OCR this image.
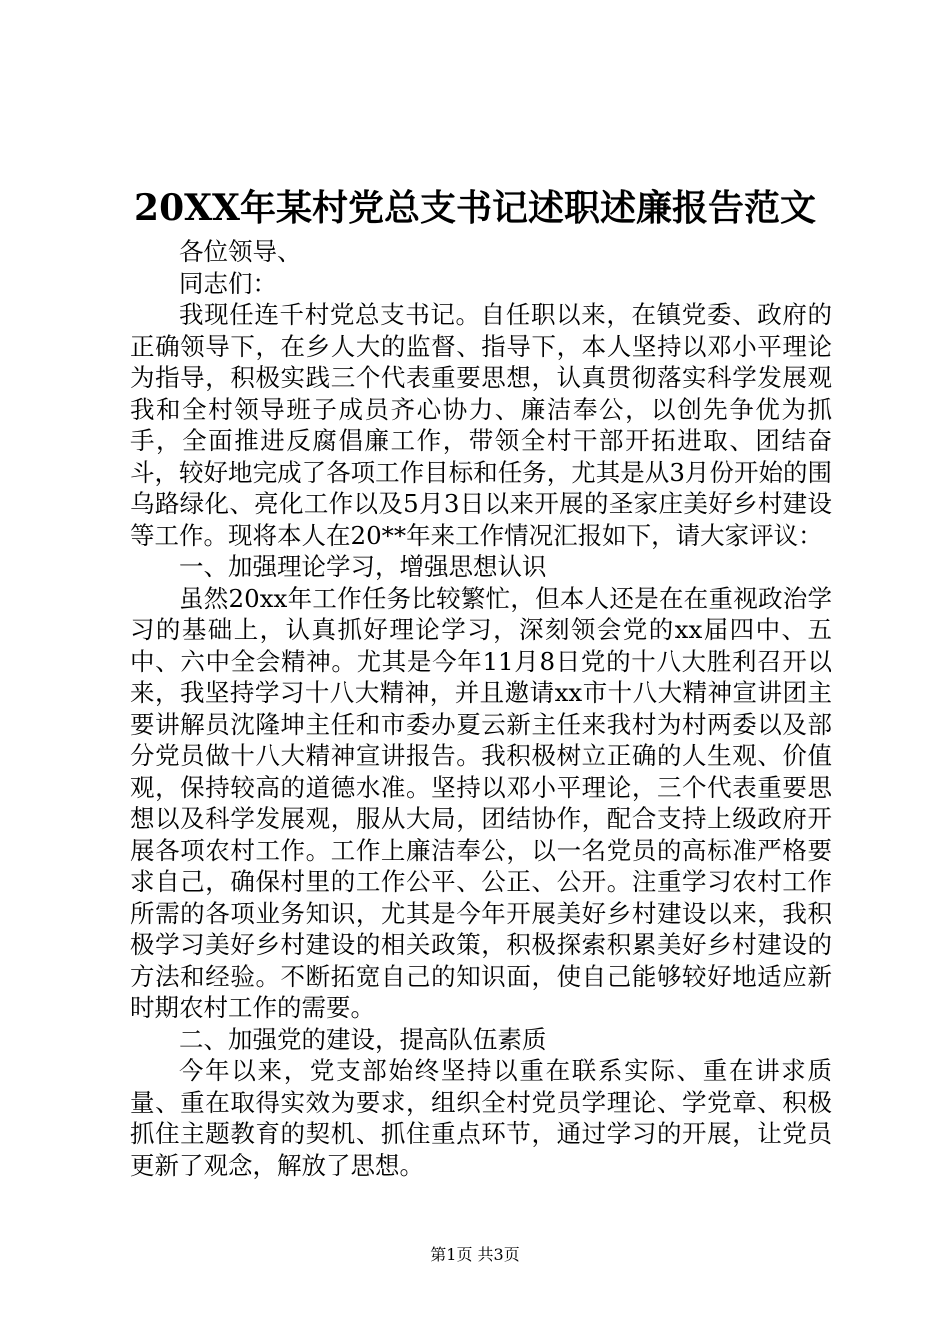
20XX年某村党总支书记述职述廉报告范文

各位领导、

同志们：

我现任连千村党总支书记。自任职以来，在镇党委、政府的正确领导下，在乡人大的监督、指导下，本人坚持以邓小平理论为指导，积极实践三个代表重要思想，认真贯彻落实科学发展观我和全村领导班子成员齐心协力、廉洁奉公，以创先争优为抓手，全面推进反腐倡廉工作，带领全村干部开拓进取、团结奋斗，较好地完成了各项工作目标和任务，尤其是从3月份开始的围乌路绿化、亮化工作以及5月3日以来开展的圣家庄美好乡村建设等工作。现将本人在20**年来工作情况汇报如下，请大家评议：

一、加强理论学习，增强思想认识

虽然20xx年工作任务比较繁忙，但本人还是在在重视政治学习的基础上，认真抓好理论学习，深刻领会党的xx届四中、五中、六中全会精神。尤其是今年11月8日党的十八大胜利召开以来，我坚持学习十八大精神，并且邀请xx市十八大精神宣讲团主要讲解员沈隆坤主任和市委办夏云新主任来我村为村两委以及部分党员做十八大精神宣讲报告。我积极树立正确的人生观、价值观，保持较高的道德水准。坚持以邓小平理论，三个代表重要思想以及科学发展观，服从大局，团结协作，配合支持上级政府开展各项农村工作。工作上廉洁奉公，以一名党员的高标准严格要求自己，确保村里的工作公平、公正、公开。注重学习农村工作所需的各项业务知识，尤其是今年开展美好乡村建设以来，我积极学习美好乡村建设的相关政策，积极探索积累美好乡村建设的方法和经验。不断拓宽自己的知识面，使自己能够较好地适应新时期农村工作的需要。

二、加强党的建设，提高队伍素质

今年以来，党支部始终坚持以重在联系实际、重在讲求质量、重在取得实效为要求，组织全村党员学理论、学党章、积极抓住主题教育的契机、抓住重点环节，通过学习的开展，让党员更新了观念，解放了思想。

第1页 共3页
